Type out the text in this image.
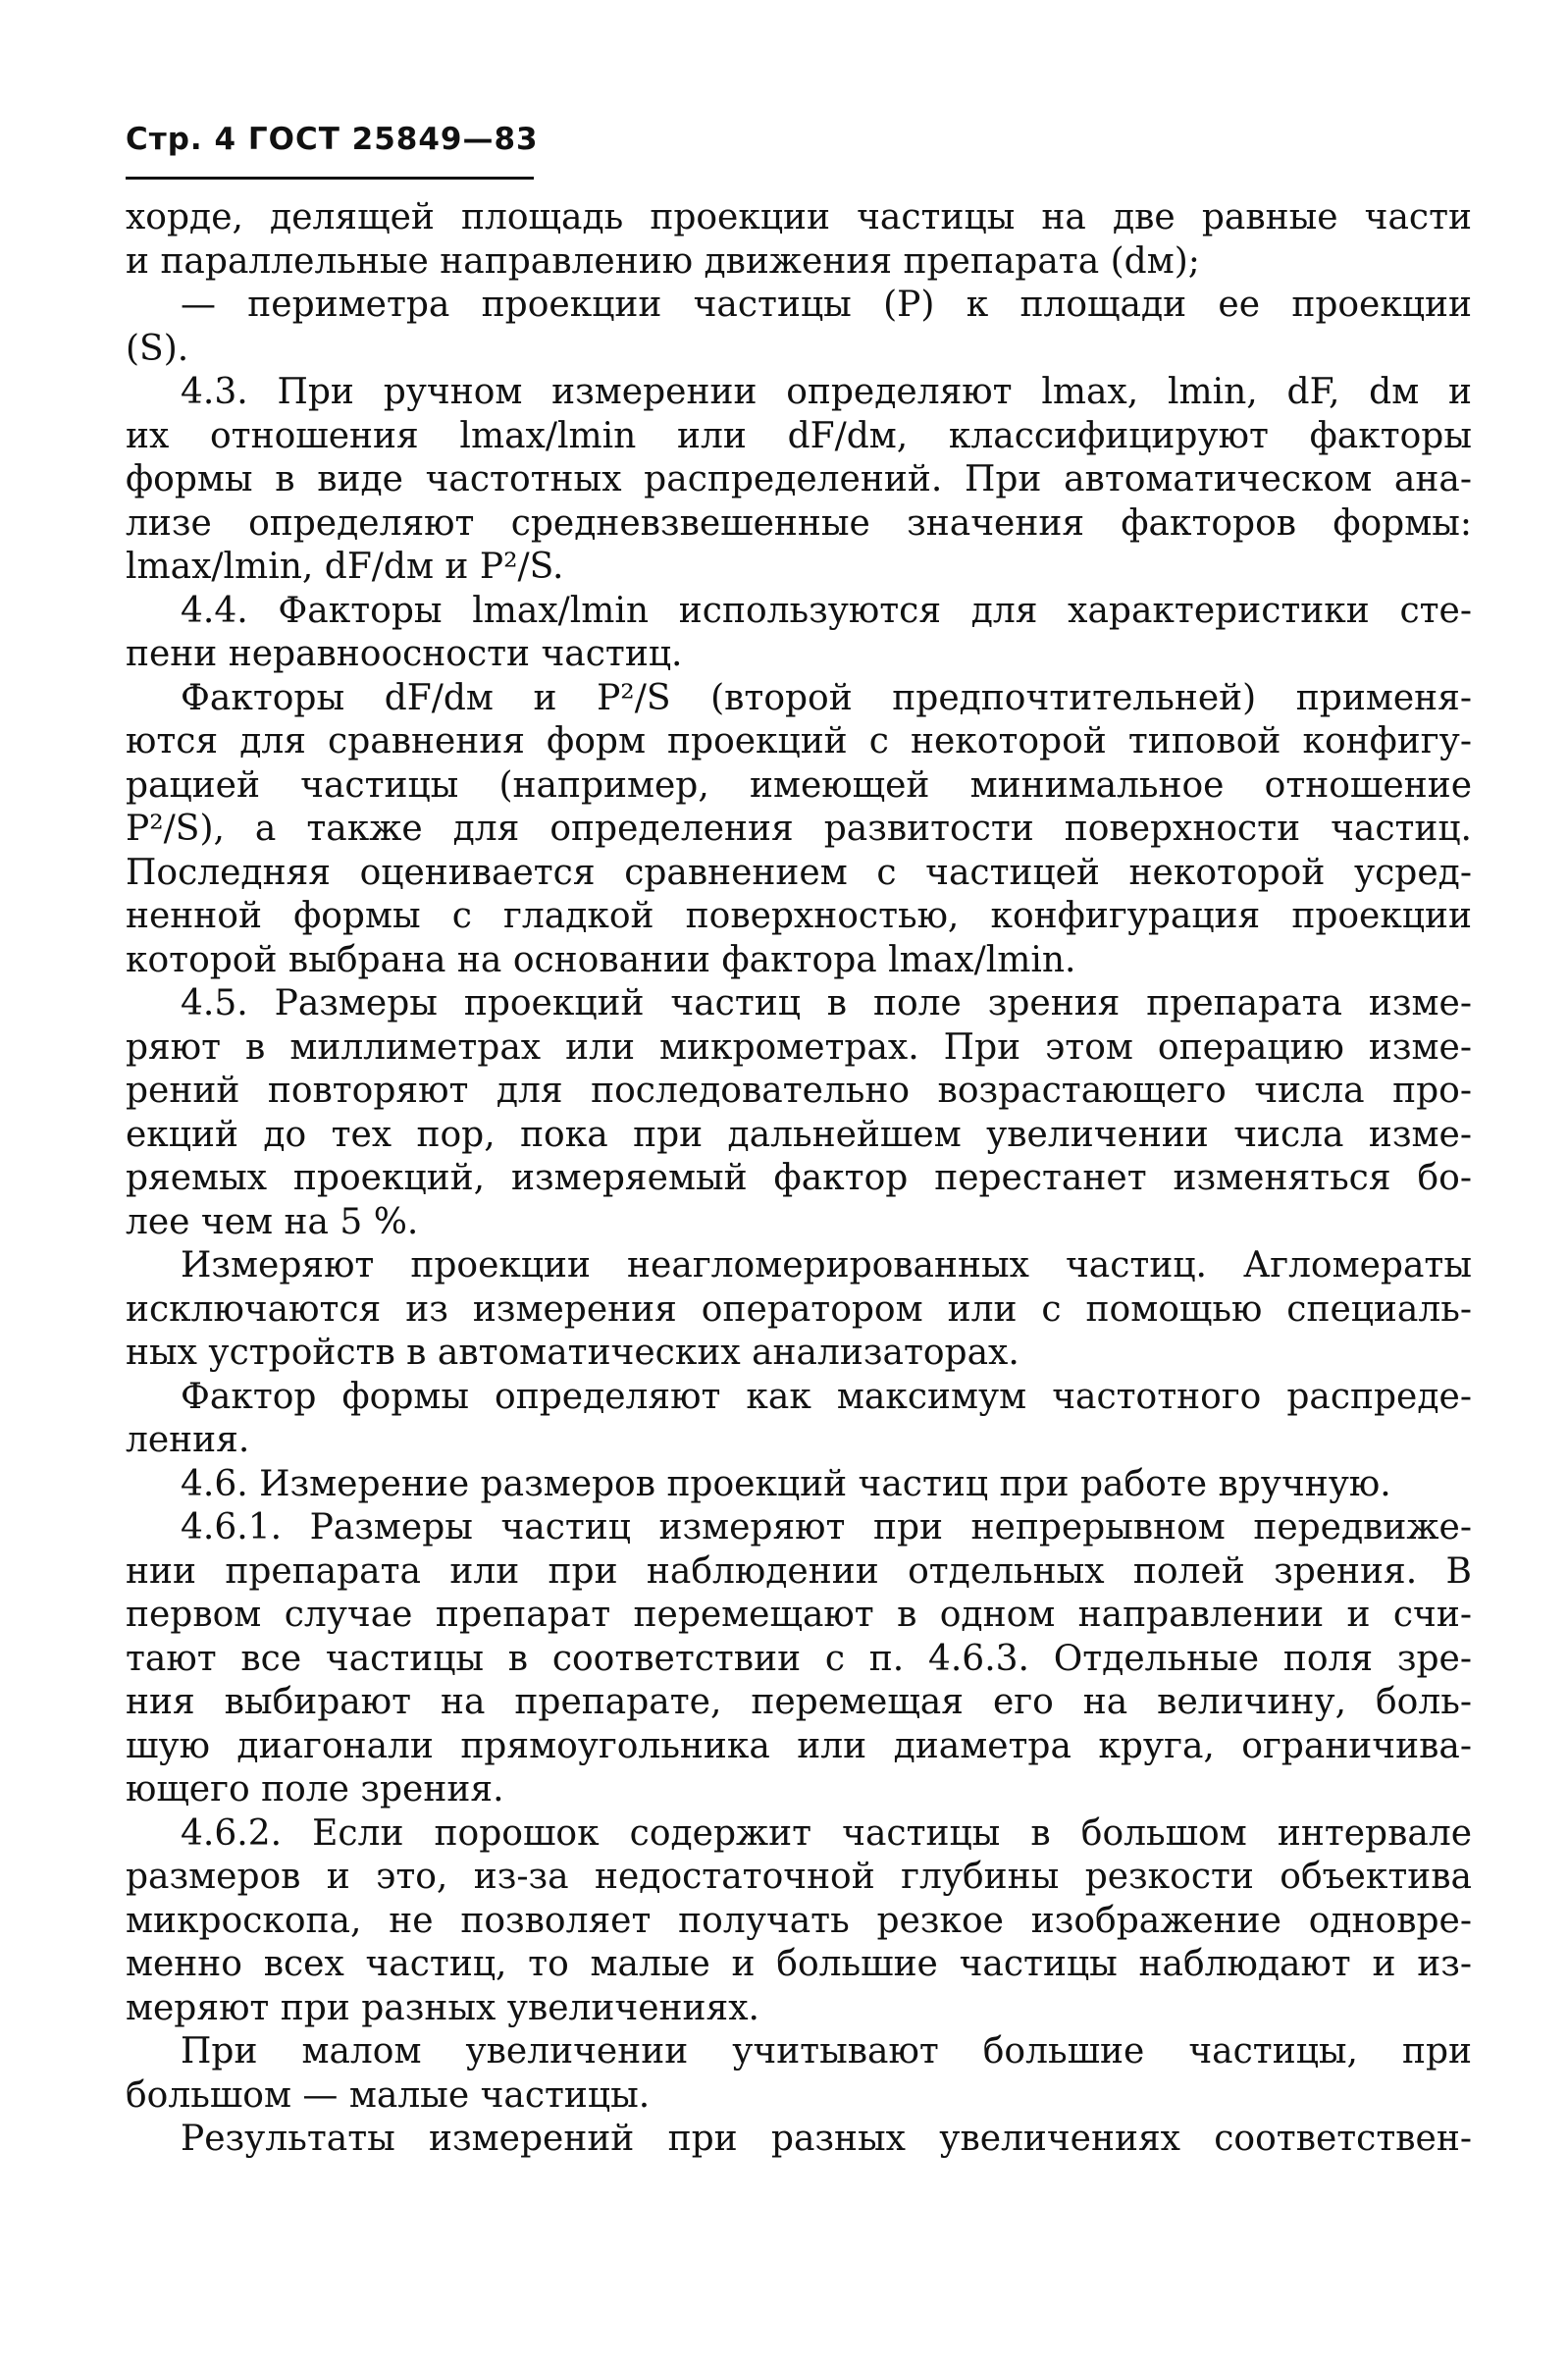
Стр. 4 ГОСТ 25849—83
хорде, делящей площадь проекции частицы на две равные части
и параллельные направлению движения препарата (dм);
— периметра проекции частицы (P) к площади ее проекции
(S).
4.3. При ручном измерении определяют lmax, lmin, dF, dм и
их отношения lmax/lmin или dF/dм, классифицируют факторы
формы в виде частотных распределений. При автоматическом ана-
лизе определяют средневзвешенные значения факторов формы:
lmax/lmin, dF/dм и P²/S.
4.4. Факторы lmax/lmin используются для характеристики сте-
пени неравноосности частиц.
Факторы dF/dм и P²/S (второй предпочтительней) применя-
ются для сравнения форм проекций с некоторой типовой конфигу-
рацией частицы (например, имеющей минимальное отношение
P²/S), а также для определения развитости поверхности частиц.
Последняя оценивается сравнением с частицей некоторой усред-
ненной формы с гладкой поверхностью, конфигурация проекции
которой выбрана на основании фактора lmax/lmin.
4.5. Размеры проекций частиц в поле зрения препарата изме-
ряют в миллиметрах или микрометрах. При этом операцию изме-
рений повторяют для последовательно возрастающего числа про-
екций до тех пор, пока при дальнейшем увеличении числа изме-
ряемых проекций, измеряемый фактор перестанет изменяться бо-
лее чем на 5 %.
Измеряют проекции неагломерированных частиц. Агломераты
исключаются из измерения оператором или с помощью специаль-
ных устройств в автоматических анализаторах.
Фактор формы определяют как максимум частотного распреде-
ления.
4.6. Измерение размеров проекций частиц при работе вручную.
4.6.1. Размеры частиц измеряют при непрерывном передвиже-
нии препарата или при наблюдении отдельных полей зрения. В
первом случае препарат перемещают в одном направлении и счи-
тают все частицы в соответствии с п. 4.6.3. Отдельные поля зре-
ния выбирают на препарате, перемещая его на величину, боль-
шую диагонали прямоугольника или диаметра круга, ограничива-
ющего поле зрения.
4.6.2. Если порошок содержит частицы в большом интервале
размеров и это, из-за недостаточной глубины резкости объектива
микроскопа, не позволяет получать резкое изображение одновре-
менно всех частиц, то малые и большие частицы наблюдают и из-
меряют при разных увеличениях.
При малом увеличении учитывают большие частицы, при
большом — малые частицы.
Результаты измерений при разных увеличениях соответствен-
